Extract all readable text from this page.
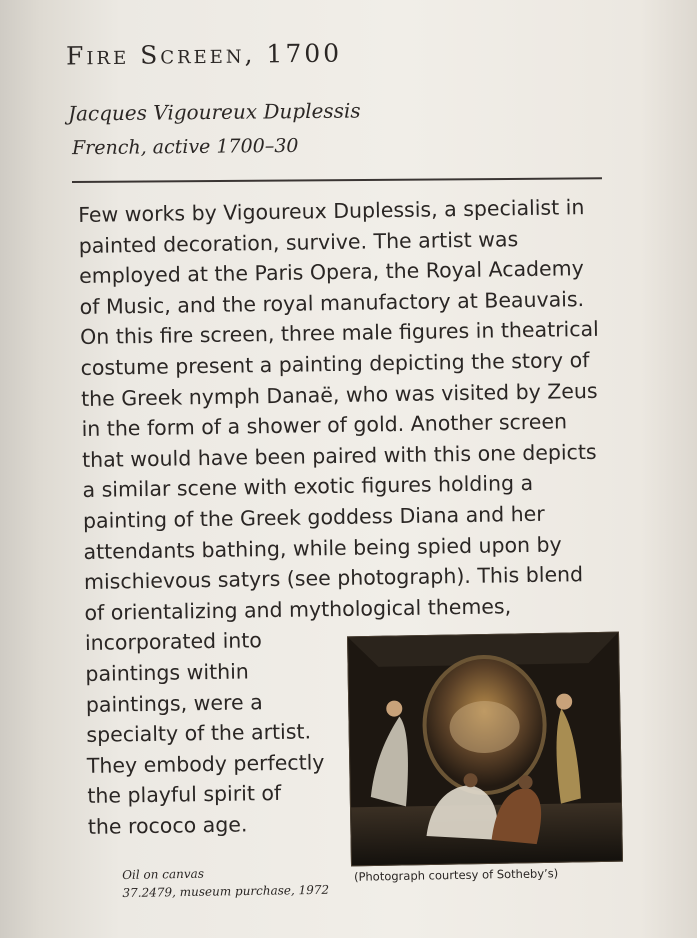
Fire Screen, 1700

Jacques Vigoureux Duplessis

French, active 1700–30

Few works by Vigoureux Duplessis, a specialist in
painted decoration, survive. The artist was
employed at the Paris Opera, the Royal Academy
of Music, and the royal manufactory at Beauvais.
On this fire screen, three male figures in theatrical
costume present a painting depicting the story of
the Greek nymph Danaë, who was visited by Zeus
in the form of a shower of gold. Another screen
that would have been paired with this one depicts
a similar scene with exotic figures holding a
painting of the Greek goddess Diana and her
attendants bathing, while being spied upon by
mischievous satyrs (see photograph). This blend
of orientalizing and mythological themes,
incorporated into
paintings within
paintings, were a
specialty of the artist.
They embody perfectly
the playful spirit of
the rococo age.
Oil on canvas
37.2479, museum purchase, 1972
(Photograph courtesy of Sotheby’s)
